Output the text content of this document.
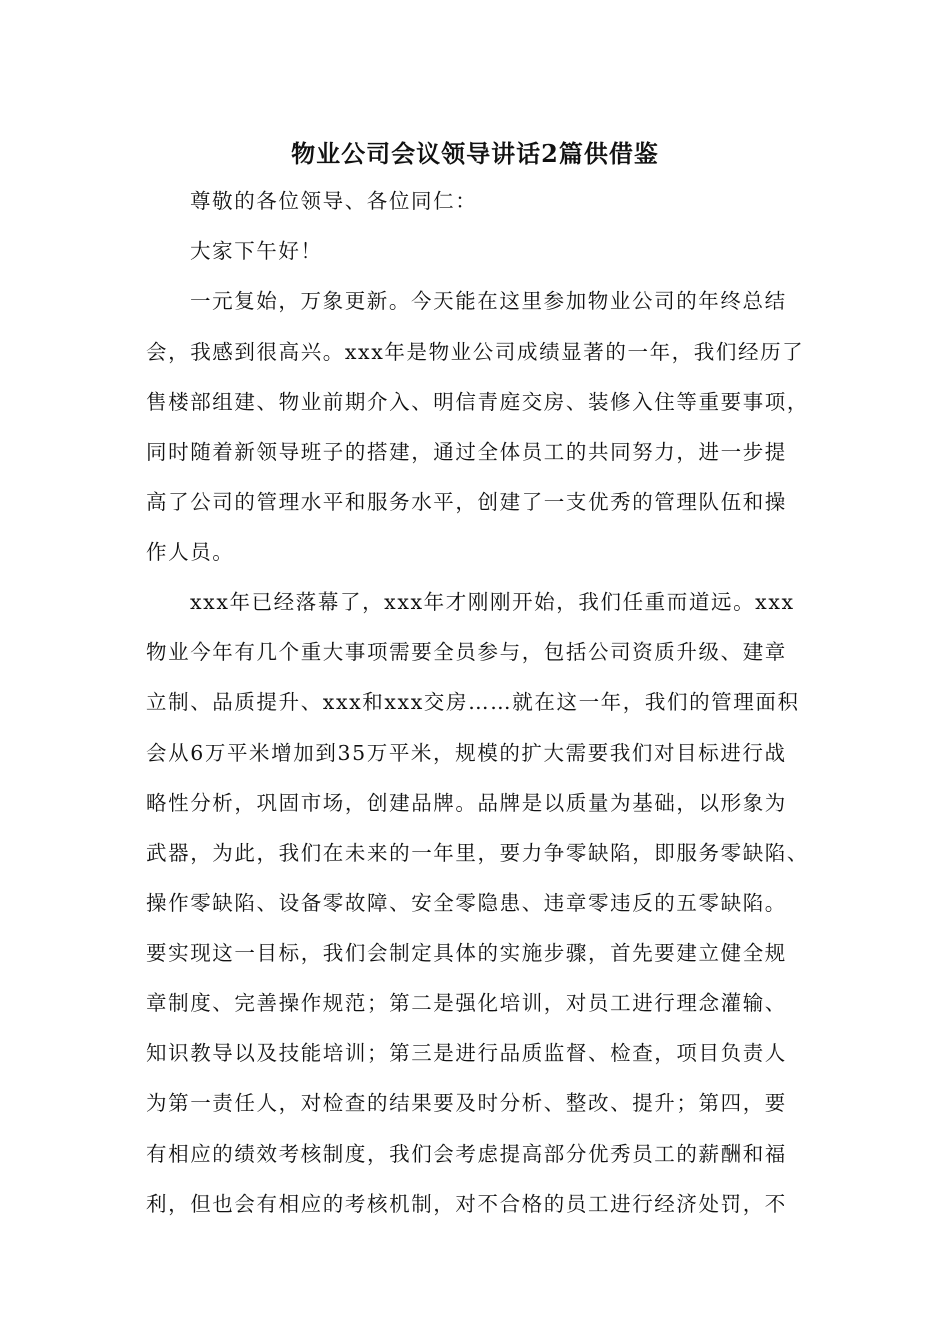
物业公司会议领导讲话2篇供借鉴
尊敬的各位领导、各位同仁：
大家下午好！
一元复始，万象更新。今天能在这里参加物业公司的年终总结
会，我感到很高兴。xxx年是物业公司成绩显著的一年，我们经历了
售楼部组建、物业前期介入、明信青庭交房、装修入住等重要事项，
同时随着新领导班子的搭建，通过全体员工的共同努力，进一步提
高了公司的管理水平和服务水平，创建了一支优秀的管理队伍和操
作人员。
xxx年已经落幕了，xxx年才刚刚开始，我们任重而道远。xxx
物业今年有几个重大事项需要全员参与，包括公司资质升级、建章
立制、品质提升、xxx和xxx交房……就在这一年，我们的管理面积
会从6万平米增加到35万平米，规模的扩大需要我们对目标进行战
略性分析，巩固市场，创建品牌。品牌是以质量为基础，以形象为
武器，为此，我们在未来的一年里，要力争零缺陷，即服务零缺陷、
操作零缺陷、设备零故障、安全零隐患、违章零违反的五零缺陷。
要实现这一目标，我们会制定具体的实施步骤，首先要建立健全规
章制度、完善操作规范；第二是强化培训，对员工进行理念灌输、
知识教导以及技能培训；第三是进行品质监督、检查，项目负责人
为第一责任人，对检查的结果要及时分析、整改、提升；第四，要
有相应的绩效考核制度，我们会考虑提高部分优秀员工的薪酬和福
利，但也会有相应的考核机制，对不合格的员工进行经济处罚，不
